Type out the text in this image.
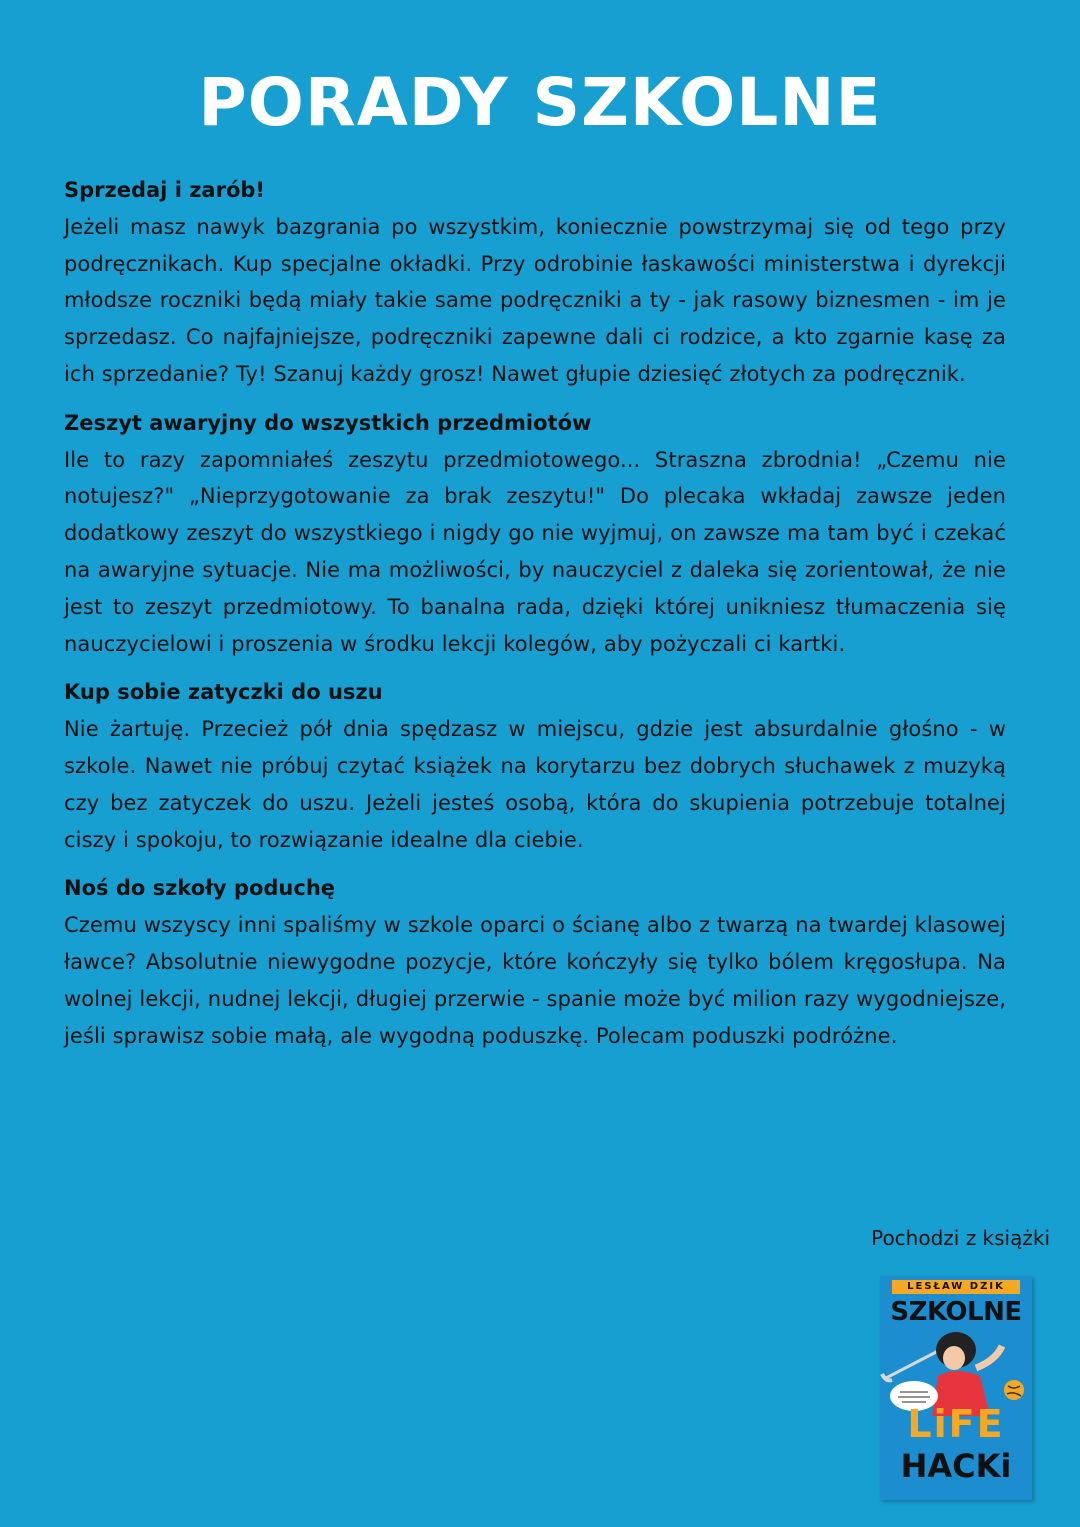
PORADY SZKOLNE

Sprzedaj i zarób!

Jeżeli masz nawyk bazgrania po wszystkim, koniecznie powstrzymaj się od tego przy podręcznikach. Kup specjalne okładki. Przy odrobinie łaskawości ministerstwa i dyrekcji młodsze roczniki będą miały takie same podręczniki a ty - jak rasowy biznesmen - im je sprzedasz. Co najfajniejsze, podręczniki zapewne dali ci rodzice, a kto zgarnie kasę za ich sprzedanie? Ty! Szanuj każdy grosz! Nawet głupie dziesięć złotych za podręcznik.

Zeszyt awaryjny do wszystkich przedmiotów

Ile to razy zapomniałeś zeszytu przedmiotowego... Straszna zbrodnia! „Czemu nie notujesz?" „Nieprzygotowanie za brak zeszytu!" Do plecaka wkładaj zawsze jeden dodatkowy zeszyt do wszystkiego i nigdy go nie wyjmuj, on zawsze ma tam być i czekać na awaryjne sytuacje. Nie ma możliwości, by nauczyciel z daleka się zorientował, że nie jest to zeszyt przedmiotowy. To banalna rada, dzięki której unikniesz tłumaczenia się nauczycielowi i proszenia w środku lekcji kolegów, aby pożyczali ci kartki.

Kup sobie zatyczki do uszu

Nie żartuję. Przecież pół dnia spędzasz w miejscu, gdzie jest absurdalnie głośno - w szkole. Nawet nie próbuj czytać książek na korytarzu bez dobrych słuchawek z muzyką czy bez zatyczek do uszu. Jeżeli jesteś osobą, która do skupienia potrzebuje totalnej ciszy i spokoju, to rozwiązanie idealne dla ciebie.

Noś do szkoły poduchę

Czemu wszyscy inni spaliśmy w szkole oparci o ścianę albo z twarzą na twardej klasowej ławce? Absolutnie niewygodne pozycje, które kończyły się tylko bólem kręgosłupa. Na wolnej lekcji, nudnej lekcji, długiej przerwie - spanie może być milion razy wygodniejsze, jeśli sprawisz sobie małą, ale wygodną poduszkę. Polecam poduszki podróżne.

Pochodzi z książki

LESŁAW DZIK
SZKOLNE
LiFE
HACKi
